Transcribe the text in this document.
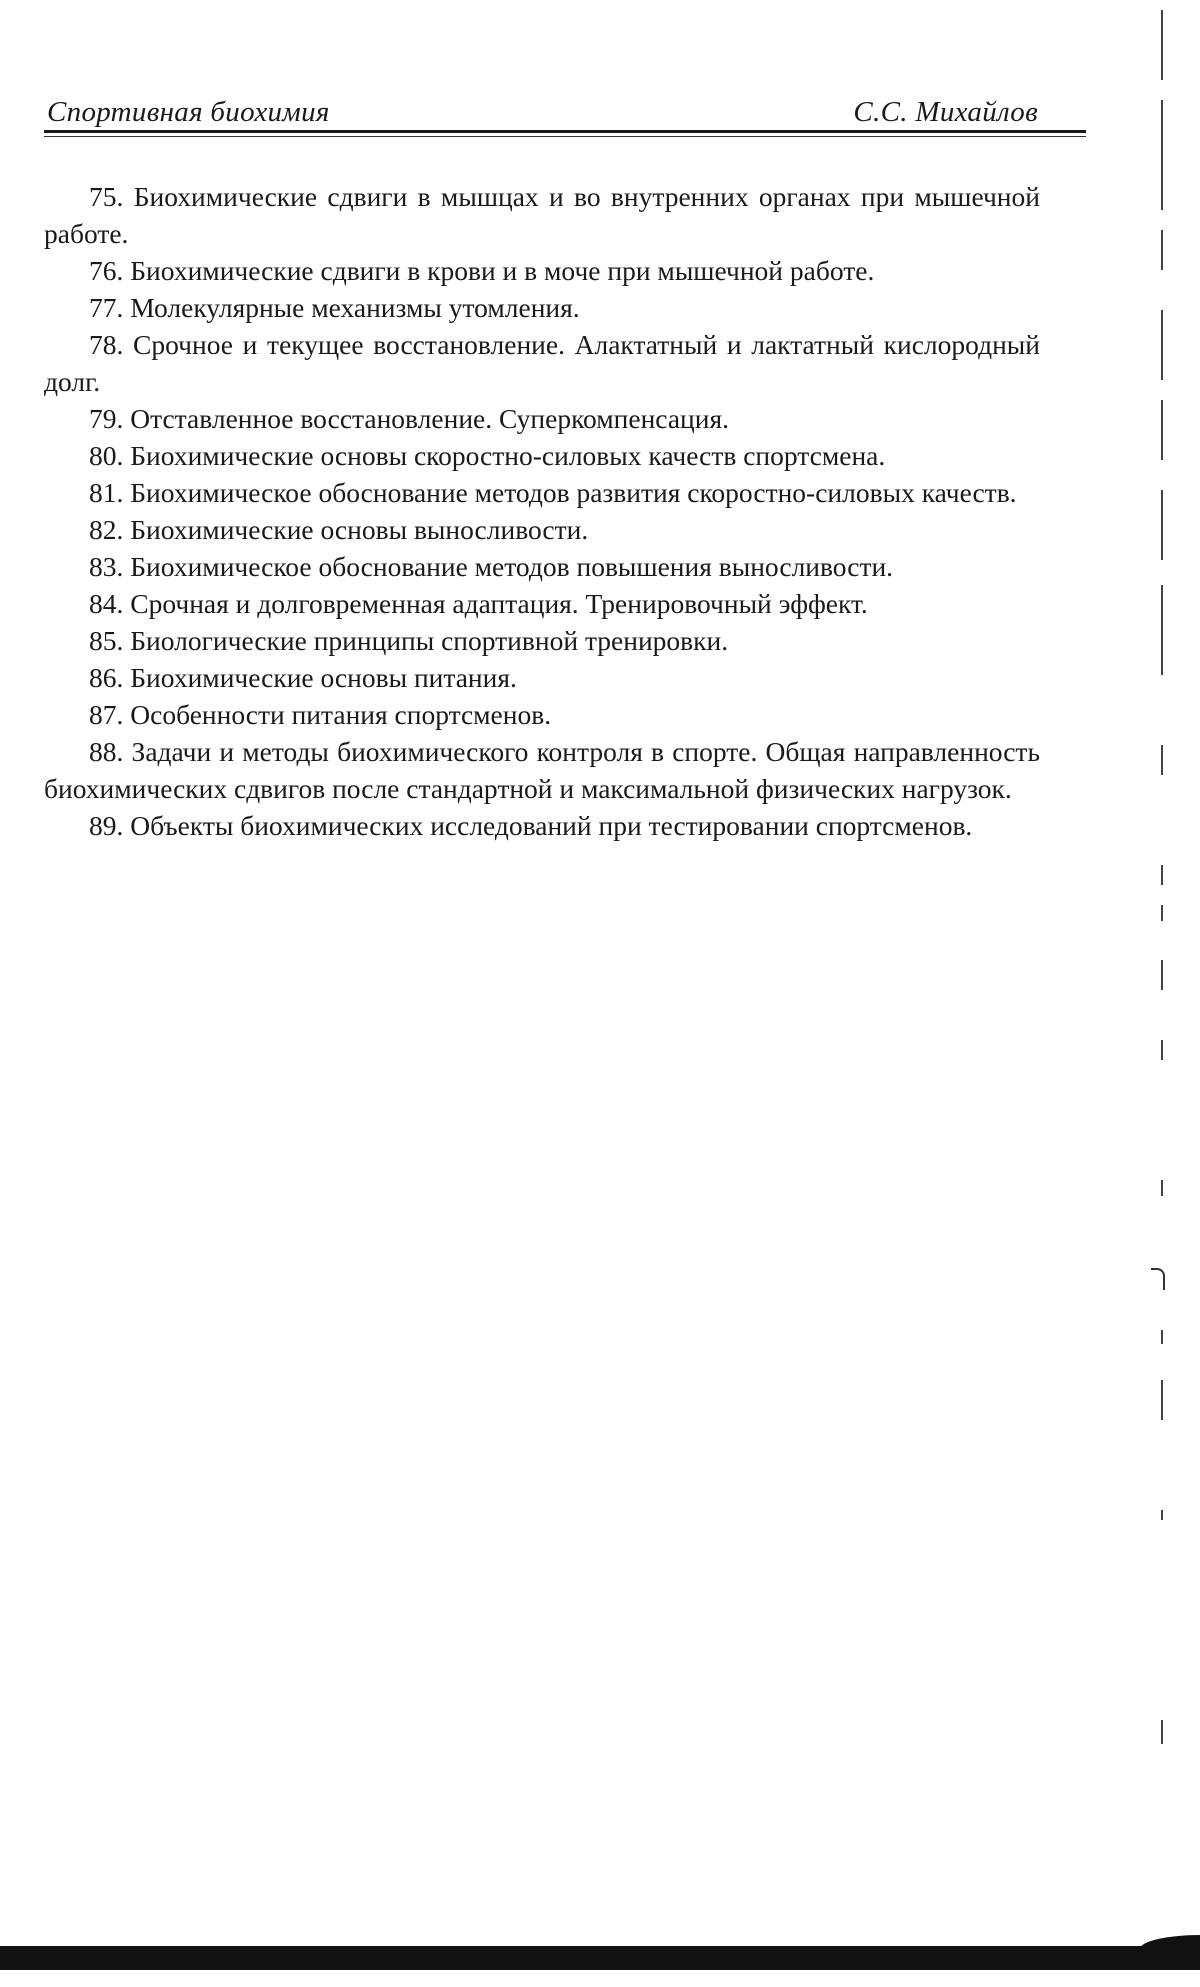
Спортивная биохимия	С.С. Михайлов
75. Биохимические сдвиги в мышцах и во внутренних органах при мышечной работе.
76. Биохимические сдвиги в крови и в моче при мышечной работе.
77. Молекулярные механизмы утомления.
78. Срочное и текущее восстановление. Алактатный и лактатный кислородный долг.
79. Отставленное восстановление. Суперкомпенсация.
80. Биохимические основы скоростно-силовых качеств спортсмена.
81. Биохимическое обоснование методов развития скоростно-силовых качеств.
82. Биохимические основы выносливости.
83. Биохимическое обоснование методов повышения выносливости.
84. Срочная и долговременная адаптация. Тренировочный эффект.
85. Биологические принципы спортивной тренировки.
86. Биохимические основы питания.
87. Особенности питания спортсменов.
88. Задачи и методы биохимического контроля в спорте. Общая направленность биохимических сдвигов после стандартной и максимальной физических нагрузок.
89. Объекты биохимических исследований при тестировании спортсменов.
